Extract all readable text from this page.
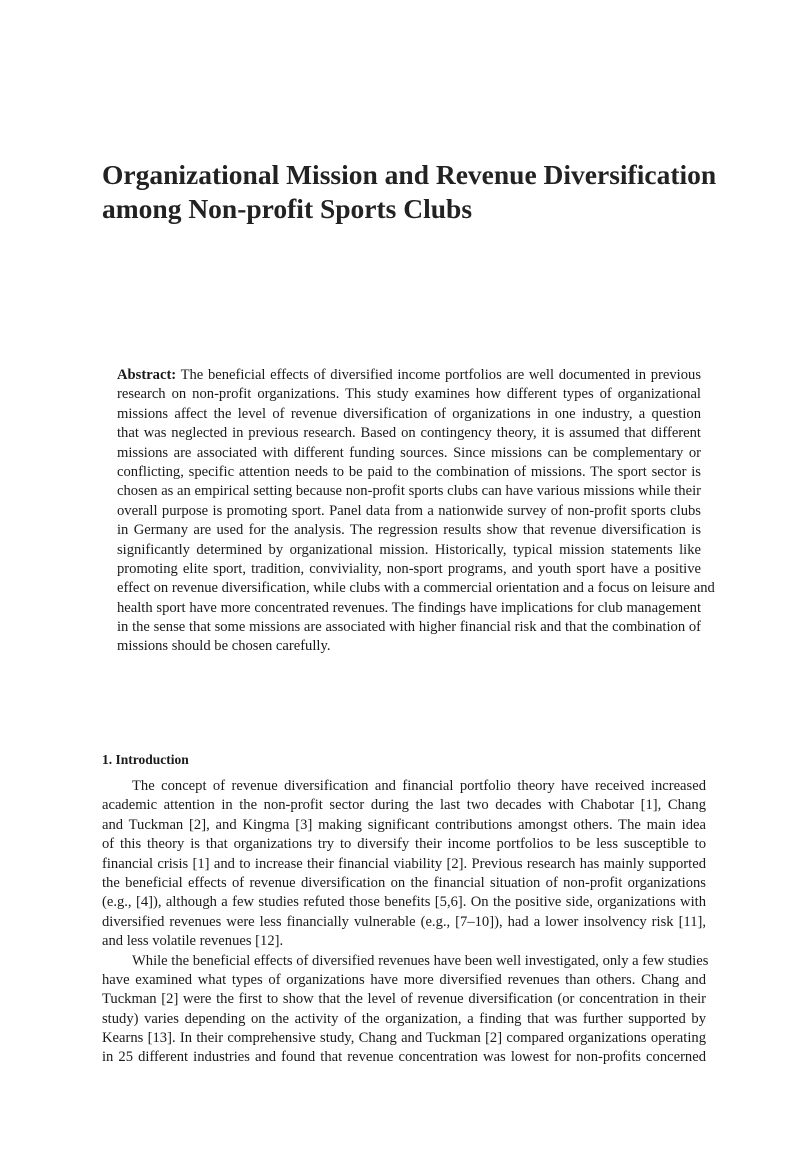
Organizational Mission and Revenue Diversification
among Non-profit Sports Clubs
Abstract: The beneficial effects of diversified income portfolios are well documented in previous
research on non-profit organizations. This study examines how different types of organizational
missions affect the level of revenue diversification of organizations in one industry, a question
that was neglected in previous research. Based on contingency theory, it is assumed that different
missions are associated with different funding sources. Since missions can be complementary or
conflicting, specific attention needs to be paid to the combination of missions. The sport sector is
chosen as an empirical setting because non-profit sports clubs can have various missions while their
overall purpose is promoting sport. Panel data from a nationwide survey of non-profit sports clubs
in Germany are used for the analysis. The regression results show that revenue diversification is
significantly determined by organizational mission. Historically, typical mission statements like
promoting elite sport, tradition, conviviality, non-sport programs, and youth sport have a positive
effect on revenue diversification, while clubs with a commercial orientation and a focus on leisure and
health sport have more concentrated revenues. The findings have implications for club management
in the sense that some missions are associated with higher financial risk and that the combination of
missions should be chosen carefully.
1. Introduction
The concept of revenue diversification and financial portfolio theory have received increased
academic attention in the non-profit sector during the last two decades with Chabotar [1], Chang
and Tuckman [2], and Kingma [3] making significant contributions amongst others. The main idea
of this theory is that organizations try to diversify their income portfolios to be less susceptible to
financial crisis [1] and to increase their financial viability [2]. Previous research has mainly supported
the beneficial effects of revenue diversification on the financial situation of non-profit organizations
(e.g., [4]), although a few studies refuted those benefits [5,6]. On the positive side, organizations with
diversified revenues were less financially vulnerable (e.g., [7–10]), had a lower insolvency risk [11],
and less volatile revenues [12].
While the beneficial effects of diversified revenues have been well investigated, only a few studies
have examined what types of organizations have more diversified revenues than others. Chang and
Tuckman [2] were the first to show that the level of revenue diversification (or concentration in their
study) varies depending on the activity of the organization, a finding that was further supported by
Kearns [13]. In their comprehensive study, Chang and Tuckman [2] compared organizations operating
in 25 different industries and found that revenue concentration was lowest for non-profits concerned
